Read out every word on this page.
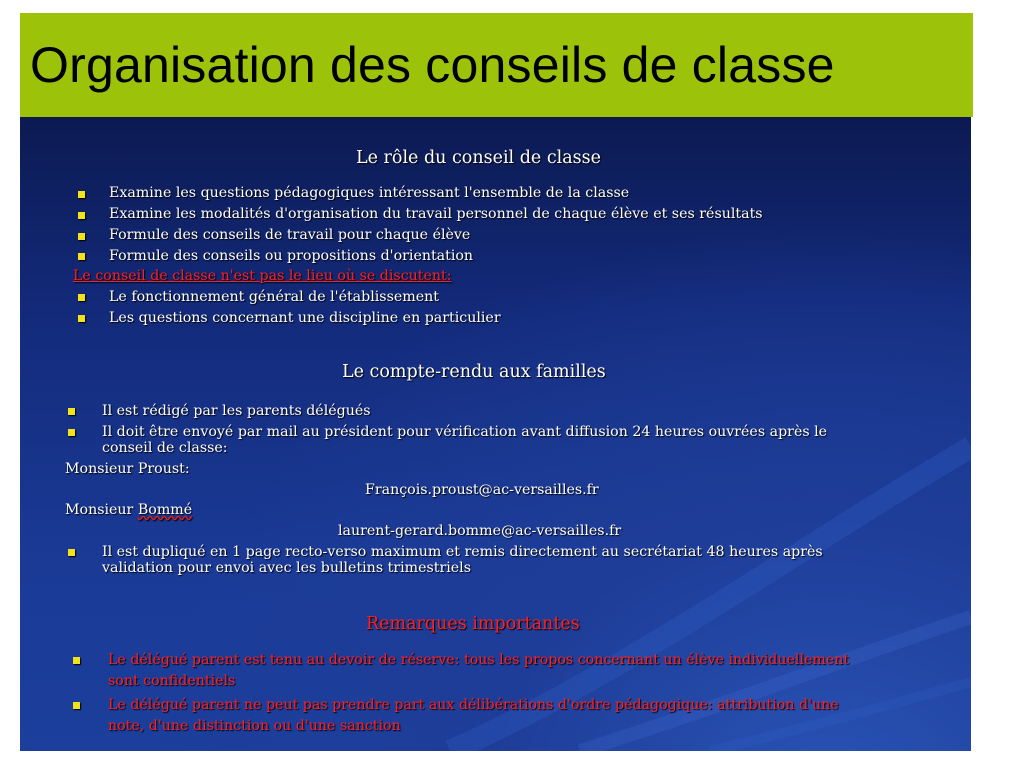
Organisation des conseils de classe
Le rôle du conseil de classe
Examine les questions pédagogiques intéressant l'ensemble de la classe
Examine les modalités d'organisation du travail personnel de chaque élève et ses résultats
Formule des conseils de travail pour chaque élève
Formule des conseils ou propositions d'orientation
Le conseil de classe n'est pas le lieu où se discutent:
Le fonctionnement général de l'établissement
Les questions concernant une discipline en particulier
Le compte-rendu aux familles
Il est rédigé par les parents délégués
Il doit être envoyé par mail au président pour vérification avant diffusion 24 heures ouvrées après le
conseil de classe:
Monsieur Proust:
François.proust@ac-versailles.fr
Monsieur Bommé
laurent-gerard.bomme@ac-versailles.fr
Il est dupliqué en 1 page recto-verso maximum et remis directement au secrétariat 48 heures après
validation pour envoi avec les bulletins trimestriels
Remarques importantes
Le délégué parent est tenu au devoir de réserve: tous les propos concernant un élève individuellement
sont confidentiels
Le délégué parent ne peut pas prendre part aux délibérations d'ordre pédagogique: attribution d'une
note, d'une distinction ou d'une sanction
